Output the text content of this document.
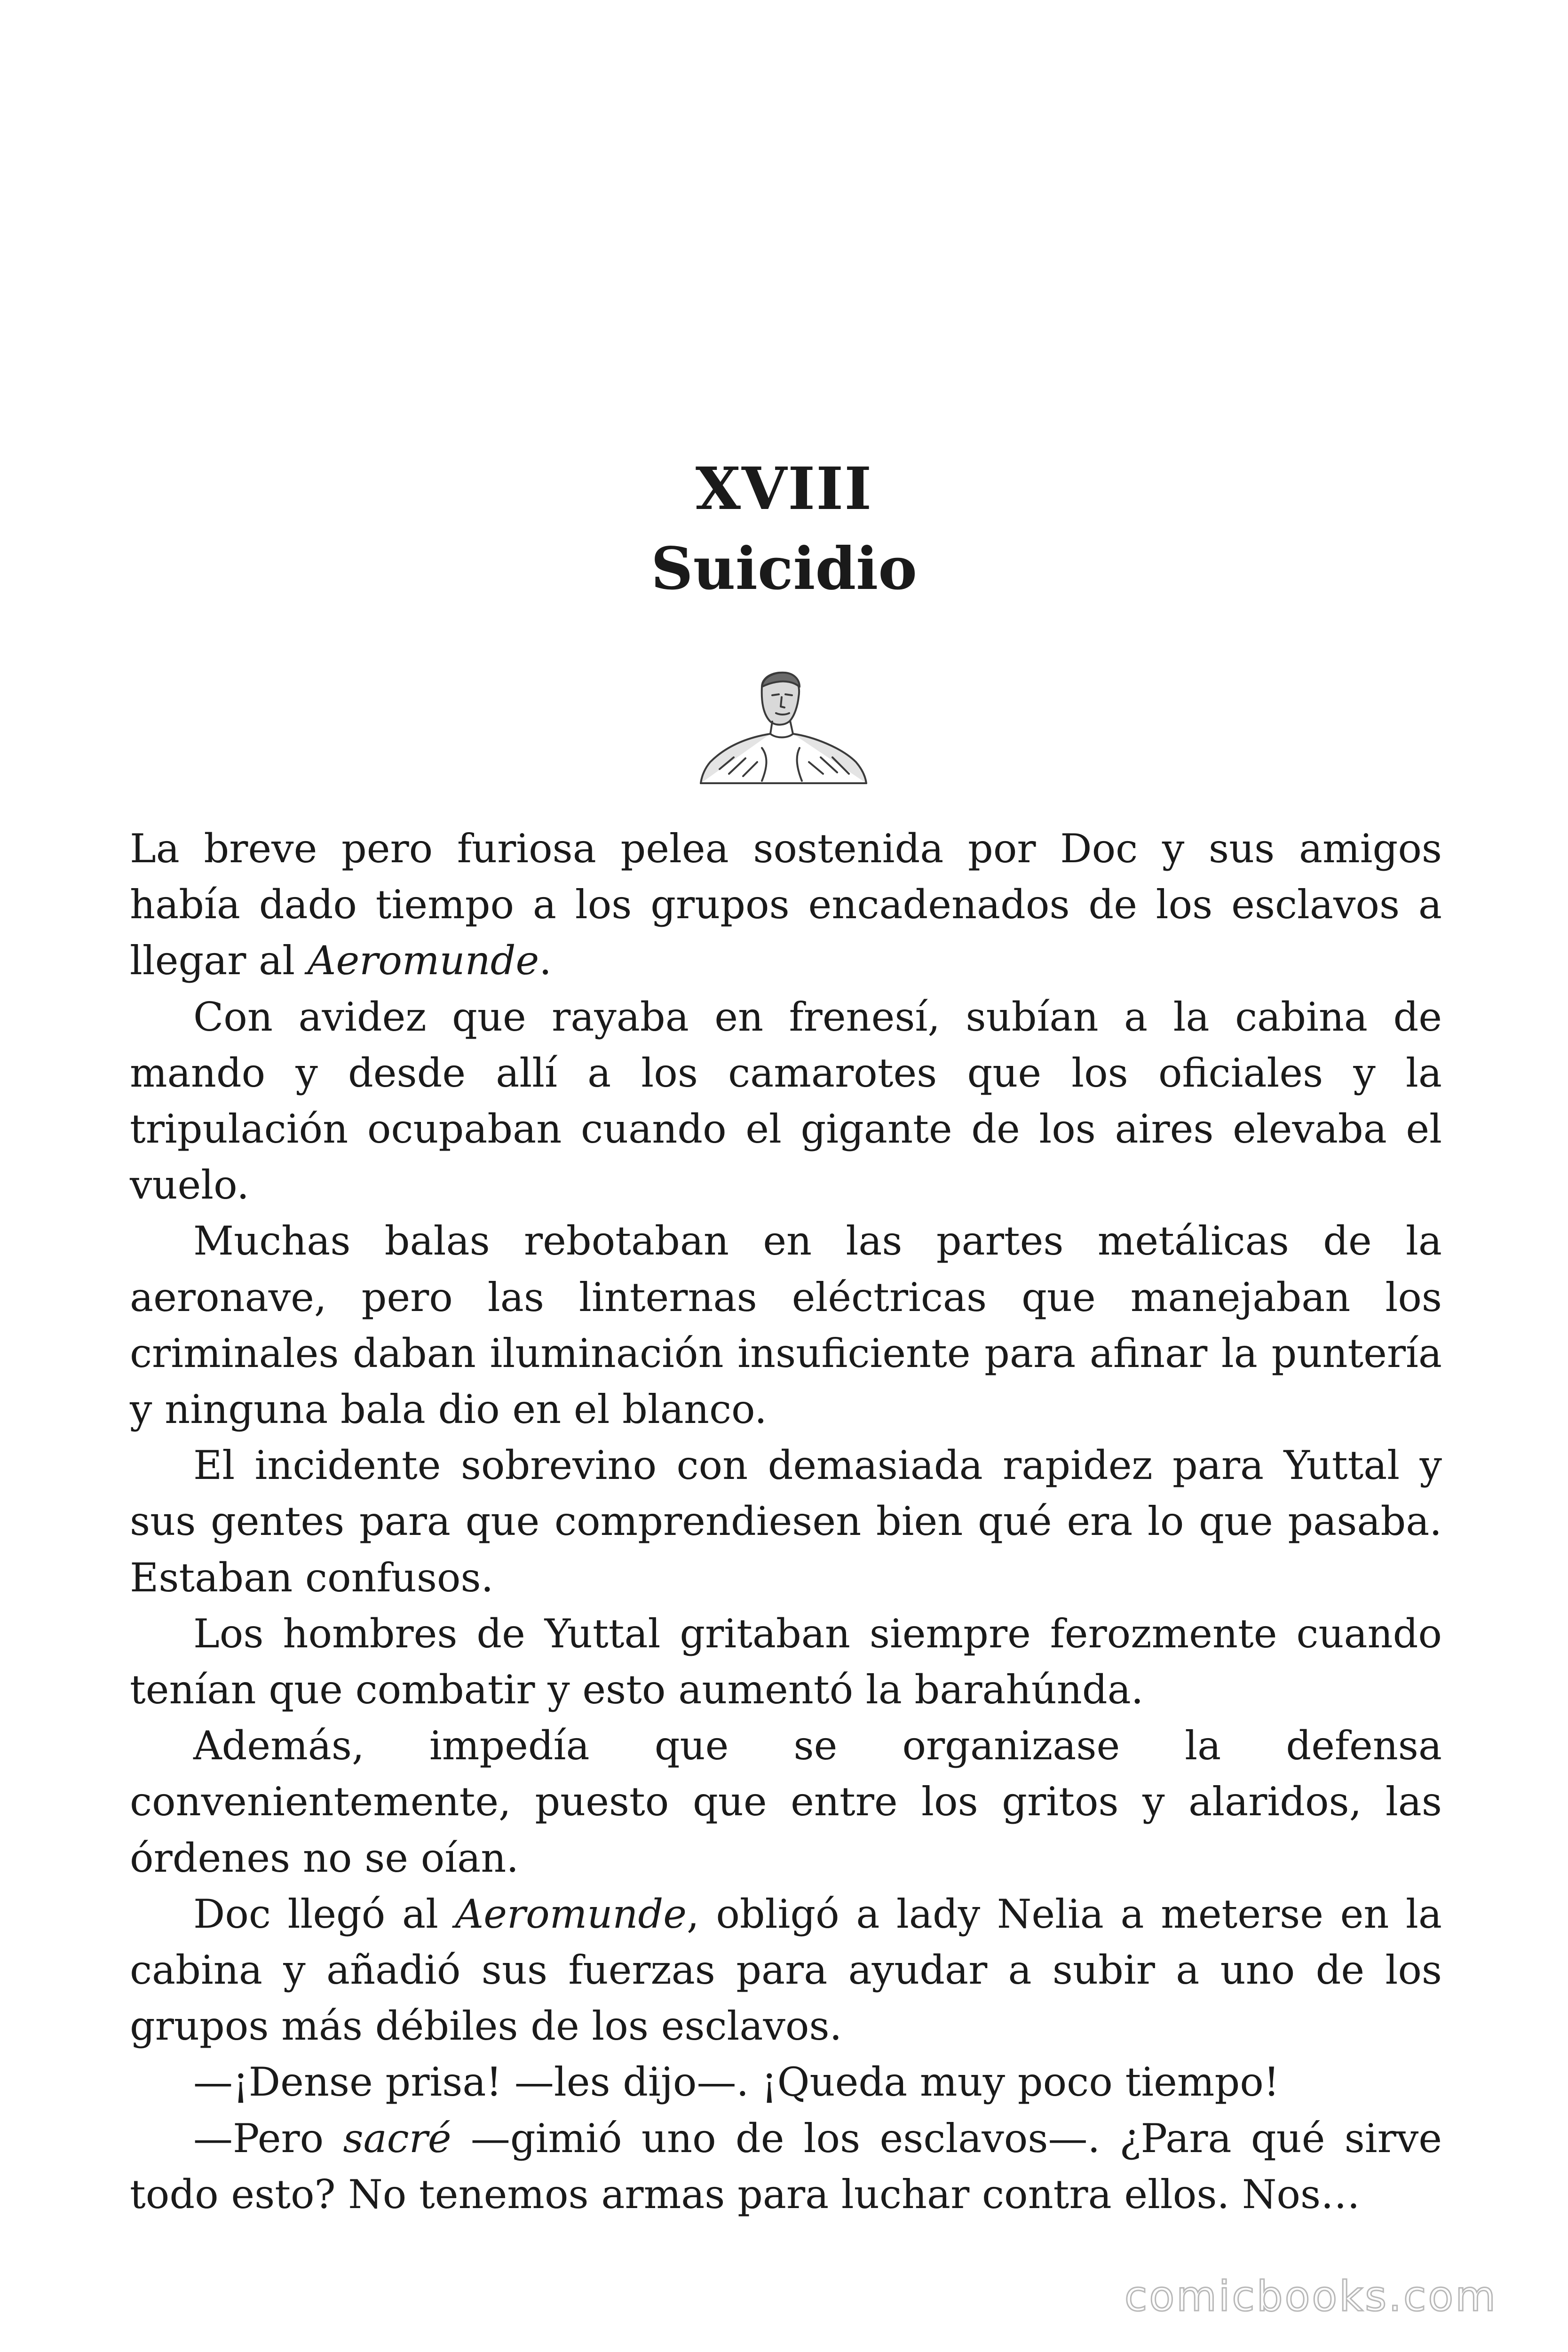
XVIII
Suicidio

La breve pero furiosa pelea sostenida por Doc y sus amigos había dado tiempo a los grupos encadenados de los esclavos a llegar al Aeromunde.

Con avidez que rayaba en frenesí, subían a la cabina de mando y desde allí a los camarotes que los oficiales y la tripulación ocupaban cuando el gigante de los aires elevaba el vuelo.

Muchas balas rebotaban en las partes metálicas de la aeronave, pero las linternas eléctricas que manejaban los criminales daban iluminación insuficiente para afinar la puntería y ninguna bala dio en el blanco.

El incidente sobrevino con demasiada rapidez para Yuttal y sus gentes para que comprendiesen bien qué era lo que pasaba. Estaban confusos.

Los hombres de Yuttal gritaban siempre ferozmente cuando tenían que combatir y esto aumentó la barahúnda.

Además, impedía que se organizase la defensa convenientemente, puesto que entre los gritos y alaridos, las órdenes no se oían.

Doc llegó al Aeromunde, obligó a lady Nelia a meterse en la cabina y añadió sus fuerzas para ayudar a subir a uno de los grupos más débiles de los esclavos.

—¡Dense prisa! —les dijo—. ¡Queda muy poco tiempo!

—Pero sacré —gimió uno de los esclavos—. ¿Para qué sirve todo esto? No tenemos armas para luchar contra ellos. Nos…

comicbooks.com
